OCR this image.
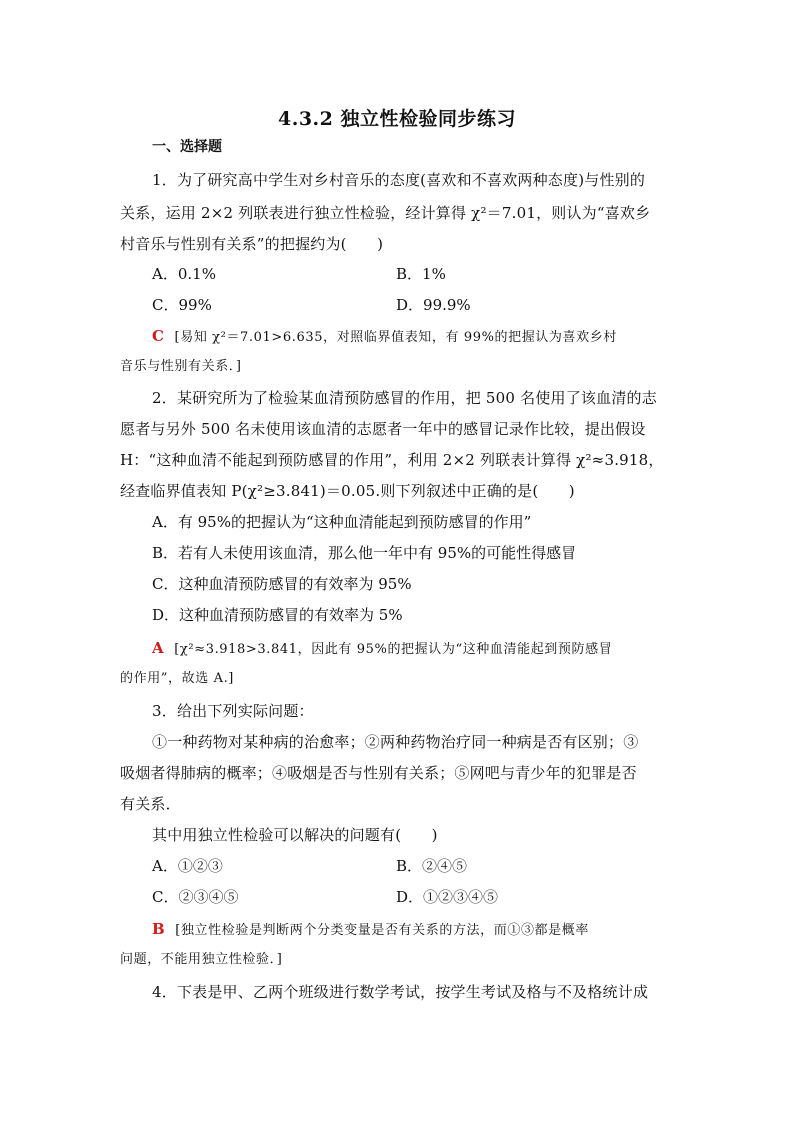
4.3.2 独立性检验同步练习
一、选择题
1．为了研究高中学生对乡村音乐的态度(喜欢和不喜欢两种态度)与性别的
关系，运用 2×2 列联表进行独立性检验，经计算得 χ²＝7.01，则认为“喜欢乡
村音乐与性别有关系”的把握约为(　　)
A．0.1%	B．1%
C．99%	D．99.9%
C [易知 χ²＝7.01>6.635，对照临界值表知，有 99%的把握认为喜欢乡村
音乐与性别有关系．]
2．某研究所为了检验某血清预防感冒的作用，把 500 名使用了该血清的志
愿者与另外 500 名未使用该血清的志愿者一年中的感冒记录作比较，提出假设
H：“这种血清不能起到预防感冒的作用”，利用 2×2 列联表计算得 χ²≈3.918，
经查临界值表知 P(χ²≥3.841)＝0.05.则下列叙述中正确的是(　　)
A．有 95%的把握认为“这种血清能起到预防感冒的作用”
B．若有人未使用该血清，那么他一年中有 95%的可能性得感冒
C．这种血清预防感冒的有效率为 95%
D．这种血清预防感冒的有效率为 5%
A [χ²≈3.918>3.841，因此有 95%的把握认为“这种血清能起到预防感冒
的作用”，故选 A.]
3．给出下列实际问题：
①一种药物对某种病的治愈率；②两种药物治疗同一种病是否有区别；③
吸烟者得肺病的概率；④吸烟是否与性别有关系；⑤网吧与青少年的犯罪是否
有关系．
其中用独立性检验可以解决的问题有(　　)
A．①②③	B．②④⑤
C．②③④⑤	D．①②③④⑤
B [独立性检验是判断两个分类变量是否有关系的方法，而①③都是概率
问题，不能用独立性检验．]
4．下表是甲、乙两个班级进行数学考试，按学生考试及格与不及格统计成
